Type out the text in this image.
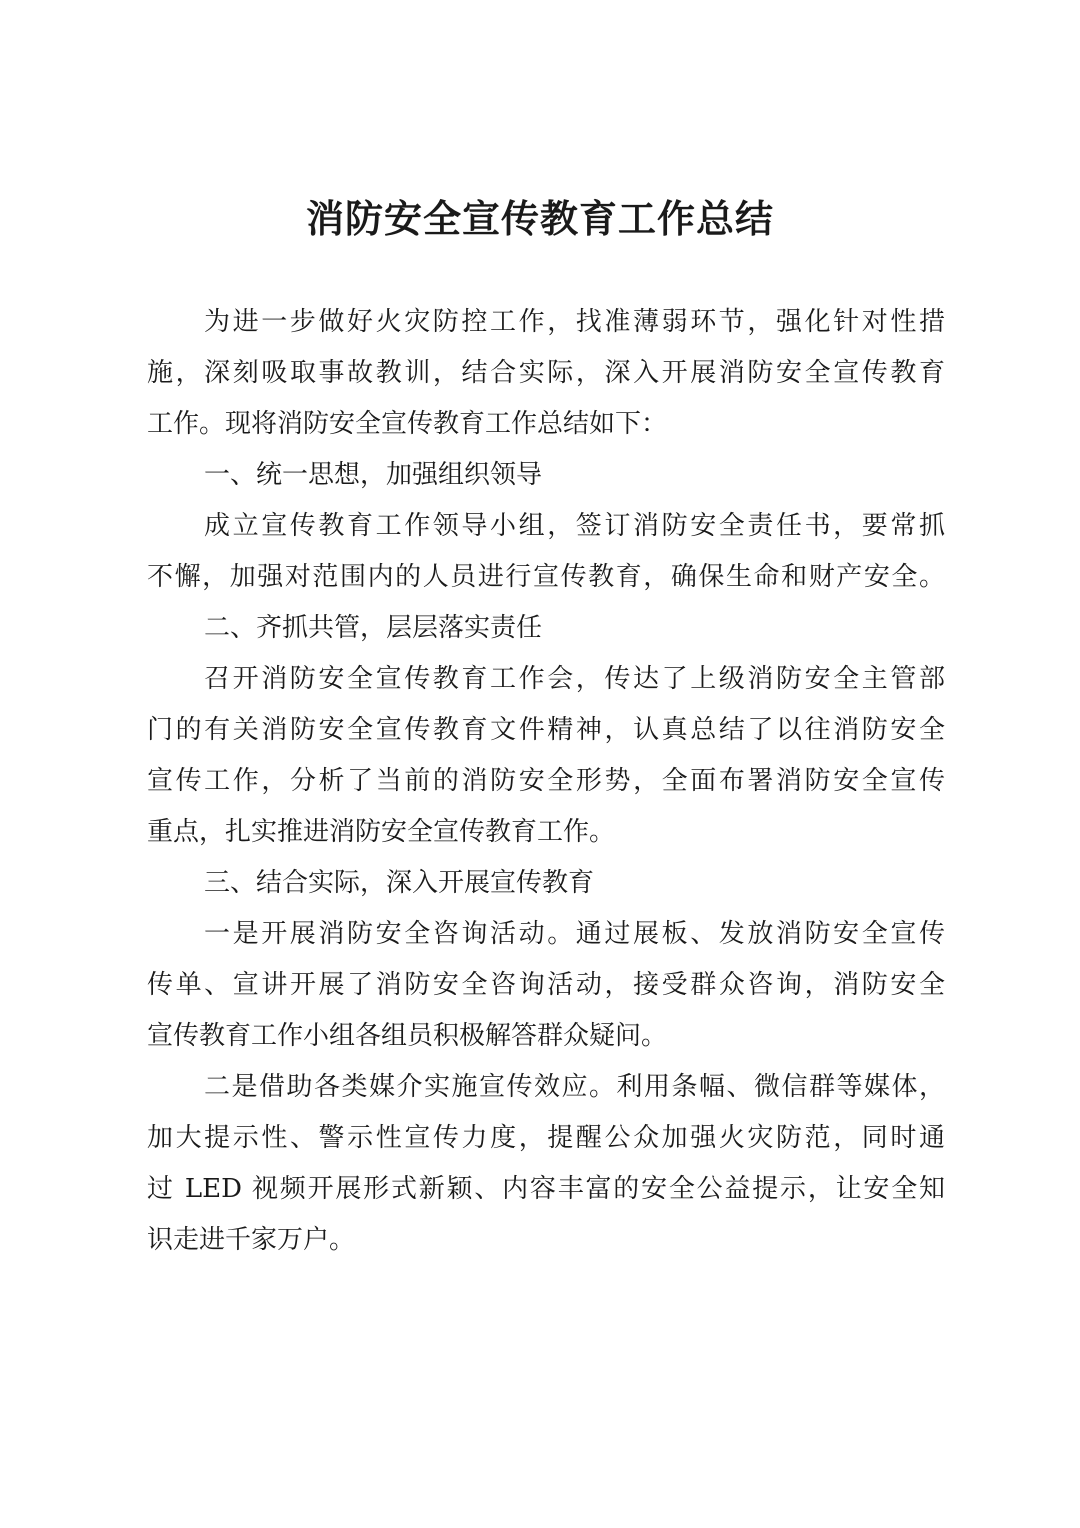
消防安全宣传教育工作总结
为进一步做好火灾防控工作，找准薄弱环节，强化针对性措
施，深刻吸取事故教训，结合实际，深入开展消防安全宣传教育
工作。现将消防安全宣传教育工作总结如下：
一、统一思想，加强组织领导
成立宣传教育工作领导小组，签订消防安全责任书，要常抓
不懈，加强对范围内的人员进行宣传教育，确保生命和财产安全。
二、齐抓共管，层层落实责任
召开消防安全宣传教育工作会，传达了上级消防安全主管部
门的有关消防安全宣传教育文件精神，认真总结了以往消防安全
宣传工作，分析了当前的消防安全形势，全面布署消防安全宣传
重点，扎实推进消防安全宣传教育工作。
三、结合实际，深入开展宣传教育
一是开展消防安全咨询活动。通过展板、发放消防安全宣传
传单、宣讲开展了消防安全咨询活动，接受群众咨询，消防安全
宣传教育工作小组各组员积极解答群众疑问。
二是借助各类媒介实施宣传效应。利用条幅、微信群等媒体，
加大提示性、警示性宣传力度，提醒公众加强火灾防范，同时通
过 LED 视频开展形式新颖、内容丰富的安全公益提示，让安全知
识走进千家万户。
